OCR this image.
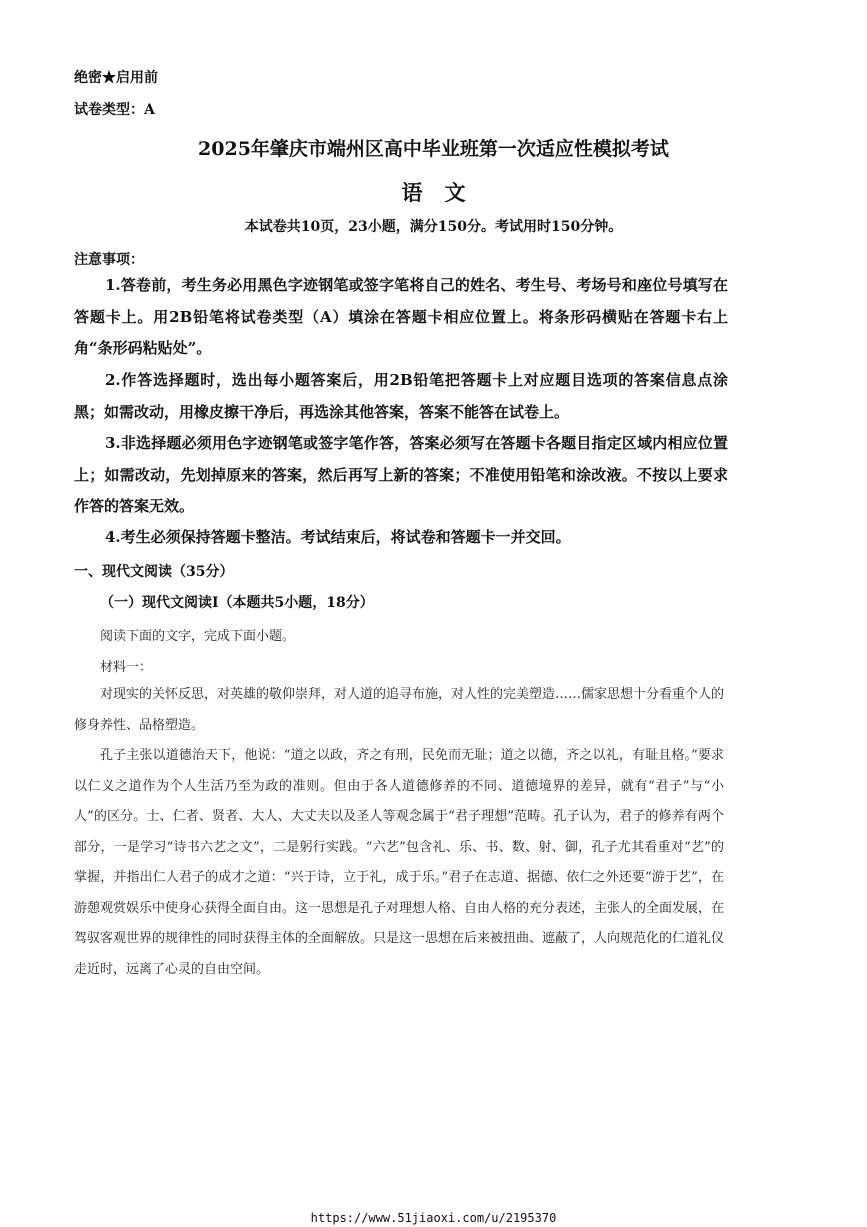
绝密★启用前
试卷类型：A
2025年肇庆市端州区高中毕业班第一次适应性模拟考试
语文
本试卷共10页，23小题，满分150分。考试用时150分钟。
注意事项：
1.答卷前，考生务必用黑色字迹钢笔或签字笔将自己的姓名、考生号、考场号和座位号填写在答题卡上。用2B铅笔将试卷类型（A）填涂在答题卡相应位置上。将条形码横贴在答题卡右上角“条形码粘贴处”。
2.作答选择题时，选出每小题答案后，用2B铅笔把答题卡上对应题目选项的答案信息点涂黑；如需改动，用橡皮擦干净后，再选涂其他答案，答案不能答在试卷上。
3.非选择题必须用色字迹钢笔或签字笔作答，答案必须写在答题卡各题目指定区域内相应位置上；如需改动，先划掉原来的答案，然后再写上新的答案；不准使用铅笔和涂改液。不按以上要求作答的答案无效。
4.考生必须保持答题卡整洁。考试结束后，将试卷和答题卡一并交回。
一、现代文阅读（35分）
（一）现代文阅读Ⅰ（本题共5小题，18分）
阅读下面的文字，完成下面小题。
材料一：
对现实的关怀反思，对英雄的敬仰崇拜，对人道的追寻布施，对人性的完美塑造……儒家思想十分看重个人的修身养性、品格塑造。
孔子主张以道德治天下，他说：“道之以政，齐之有刑，民免而无耻；道之以德，齐之以礼，有耻且格。”要求以仁义之道作为个人生活乃至为政的准则。但由于各人道德修养的不同、道德境界的差异，就有“君子”与“小人”的区分。士、仁者、贤者、大人、大丈夫以及圣人等观念属于“君子理想”范畴。孔子认为，君子的修养有两个部分，一是学习“诗书六艺之文”，二是躬行实践。“六艺”包含礼、乐、书、数、射、御，孔子尤其看重对“艺”的掌握，并指出仁人君子的成才之道：“兴于诗，立于礼，成于乐。”君子在志道、据德、依仁之外还要“游于艺”，在游憩观赏娱乐中使身心获得全面自由。这一思想是孔子对理想人格、自由人格的充分表述，主张人的全面发展，在驾驭客观世界的规律性的同时获得主体的全面解放。只是这一思想在后来被扭曲、遮蔽了，人向规范化的仁道礼仪走近时，远离了心灵的自由空间。
https://www.51jiaoxi.com/u/2195370
